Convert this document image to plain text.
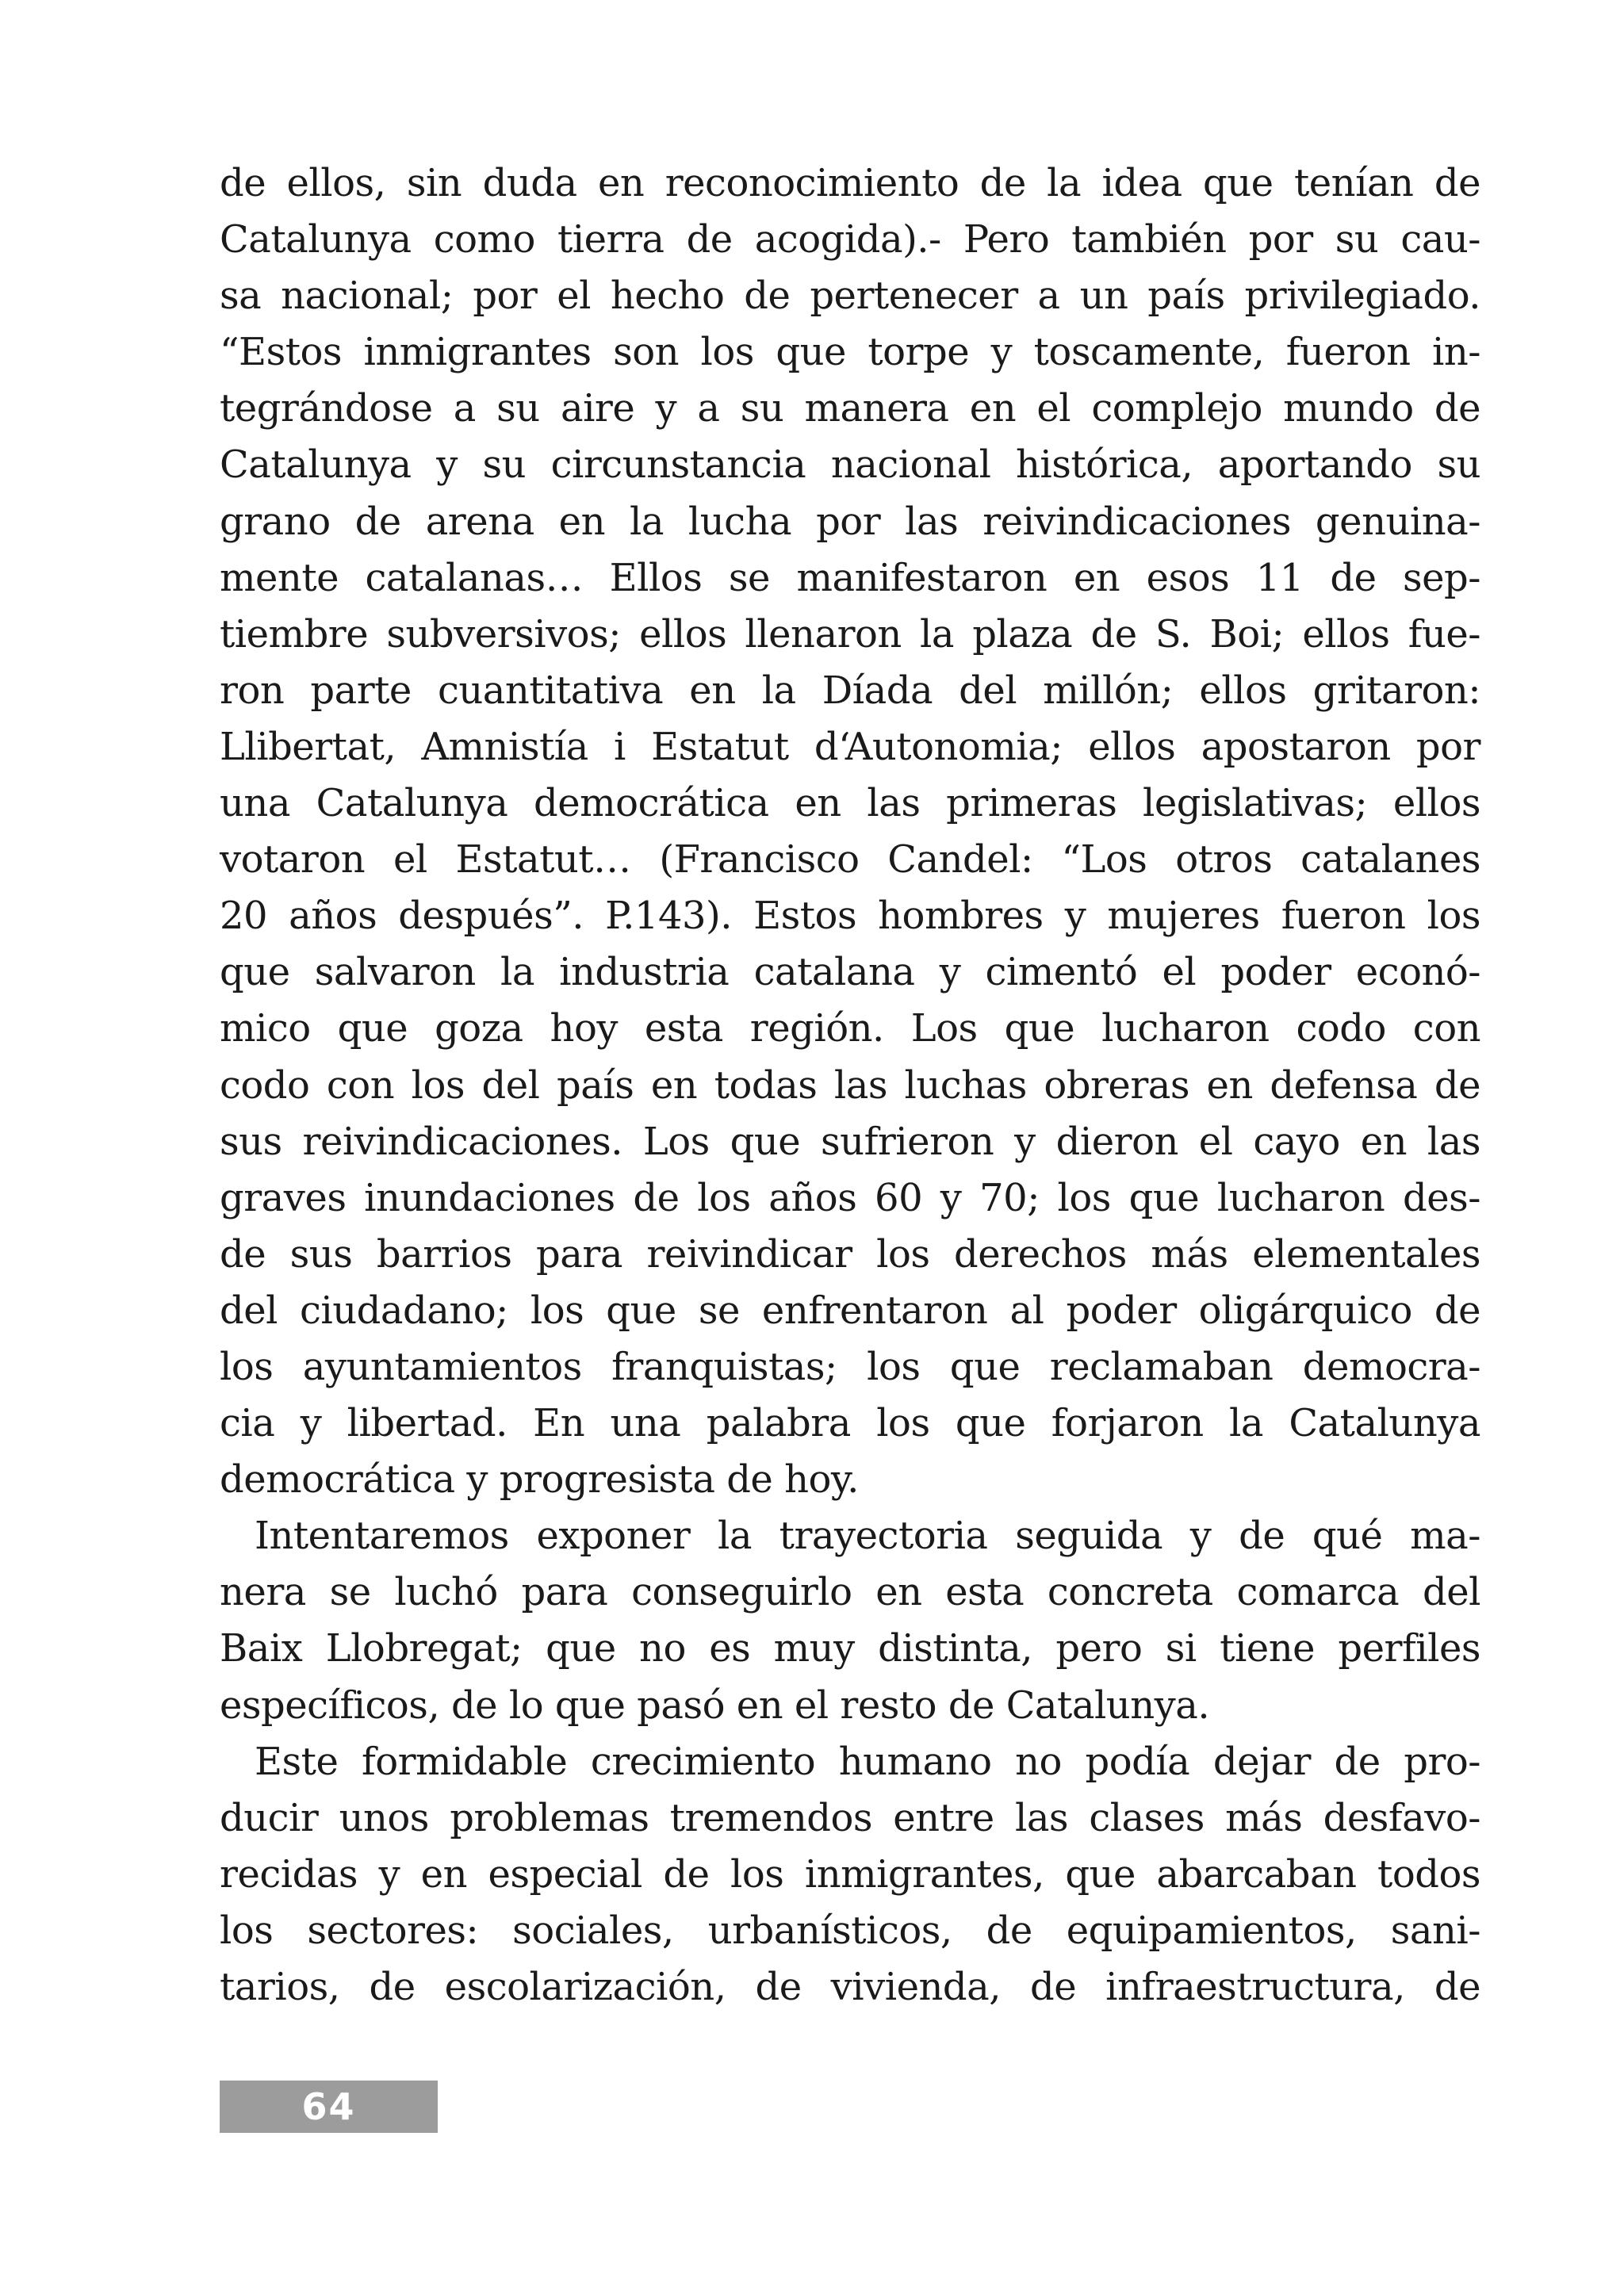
de ellos, sin duda en reconocimiento de la idea que tenían de
Catalunya como tierra de acogida).- Pero también por su cau-
sa nacional; por el hecho de pertenecer a un país privilegiado.
“Estos inmigrantes son los que torpe y toscamente, fueron in-
tegrándose a su aire y a su manera en el complejo mundo de
Catalunya y su circunstancia nacional histórica, aportando su
grano de arena en la lucha por las reivindicaciones genuina-
mente catalanas… Ellos se manifestaron en esos 11 de sep-
tiembre subversivos; ellos llenaron la plaza de S. Boi; ellos fue-
ron parte cuantitativa en la Díada del millón; ellos gritaron:
Llibertat, Amnistía i Estatut d‘Autonomia; ellos apostaron por
una Catalunya democrática en las primeras legislativas; ellos
votaron el Estatut… (Francisco Candel: “Los otros catalanes
20 años después”. P.143). Estos hombres y mujeres fueron los
que salvaron la industria catalana y cimentó el poder econó-
mico que goza hoy esta región. Los que lucharon codo con
codo con los del país en todas las luchas obreras en defensa de
sus reivindicaciones. Los que sufrieron y dieron el cayo en las
graves inundaciones de los años 60 y 70; los que lucharon des-
de sus barrios para reivindicar los derechos más elementales
del ciudadano; los que se enfrentaron al poder oligárquico de
los ayuntamientos franquistas; los que reclamaban democra-
cia y libertad. En una palabra los que forjaron la Catalunya
democrática y progresista de hoy.
Intentaremos exponer la trayectoria seguida y de qué ma-
nera se luchó para conseguirlo en esta concreta comarca del
Baix Llobregat; que no es muy distinta, pero si tiene perfiles
específicos, de lo que pasó en el resto de Catalunya.
Este formidable crecimiento humano no podía dejar de pro-
ducir unos problemas tremendos entre las clases más desfavo-
recidas y en especial de los inmigrantes, que abarcaban todos
los sectores: sociales, urbanísticos, de equipamientos, sani-
tarios, de escolarización, de vivienda, de infraestructura, de
64
